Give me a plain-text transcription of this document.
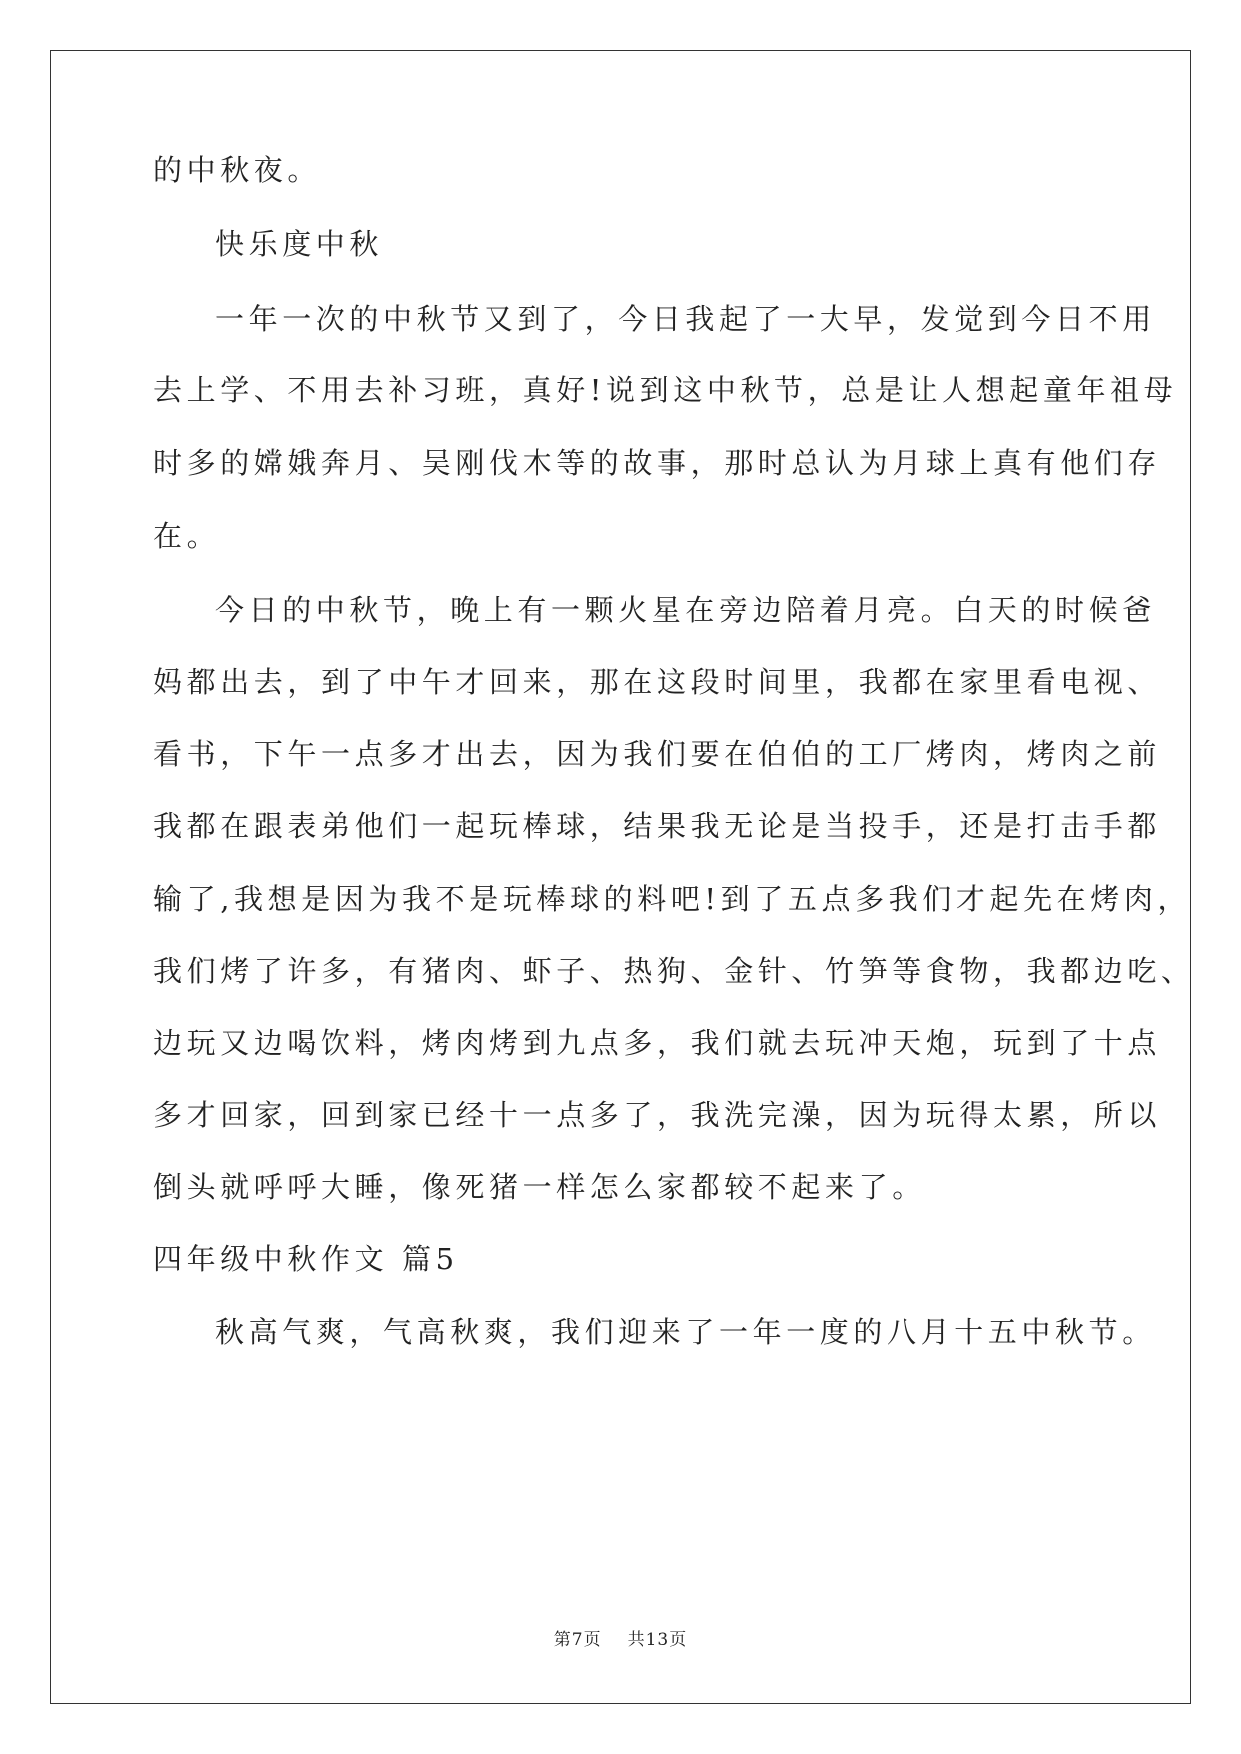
的中秋夜。
快乐度中秋
一年一次的中秋节又到了，今日我起了一大早，发觉到今日不用
去上学、不用去补习班，真好!说到这中秋节，总是让人想起童年祖母
时多的嫦娥奔月、吴刚伐木等的故事，那时总认为月球上真有他们存
在。
今日的中秋节，晚上有一颗火星在旁边陪着月亮。白天的时候爸
妈都出去，到了中午才回来，那在这段时间里，我都在家里看电视、
看书，下午一点多才出去，因为我们要在伯伯的工厂烤肉，烤肉之前
我都在跟表弟他们一起玩棒球，结果我无论是当投手，还是打击手都
输了,我想是因为我不是玩棒球的料吧!到了五点多我们才起先在烤肉，
我们烤了许多，有猪肉、虾子、热狗、金针、竹笋等食物，我都边吃、
边玩又边喝饮料，烤肉烤到九点多，我们就去玩冲天炮，玩到了十点
多才回家，回到家已经十一点多了，我洗完澡，因为玩得太累，所以
倒头就呼呼大睡，像死猪一样怎么家都较不起来了。
四年级中秋作文 篇5
秋高气爽，气高秋爽，我们迎来了一年一度的八月十五中秋节。
第7页 共13页
